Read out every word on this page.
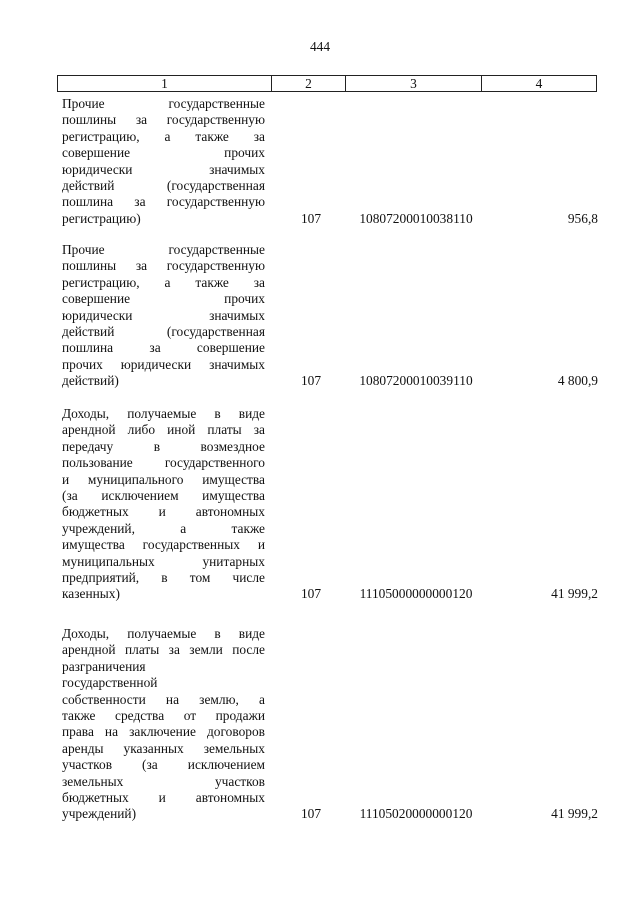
444
1	2	3	4
Прочие государственные
пошлины за государственную
регистрацию, а также за
совершение прочих
юридически значимых
действий (государственная
пошлина за государственную
регистрацию)	107	10807200010038110	956,8
Прочие государственные
пошлины за государственную
регистрацию, а также за
совершение прочих
юридически значимых
действий (государственная
пошлина за совершение
прочих юридически значимых
действий)	107	10807200010039110	4 800,9
Доходы, получаемые в виде
арендной либо иной платы за
передачу в возмездное
пользование государственного
и муниципального имущества
(за исключением имущества
бюджетных и автономных
учреждений, а также
имущества государственных и
муниципальных унитарных
предприятий, в том числе
казенных)	107	11105000000000120	41 999,2
Доходы, получаемые в виде
арендной платы за земли после
разграничения
государственной
собственности на землю, а
также средства от продажи
права на заключение договоров
аренды указанных земельных
участков (за исключением
земельных участков
бюджетных и автономных
учреждений)	107	11105020000000120	41 999,2
